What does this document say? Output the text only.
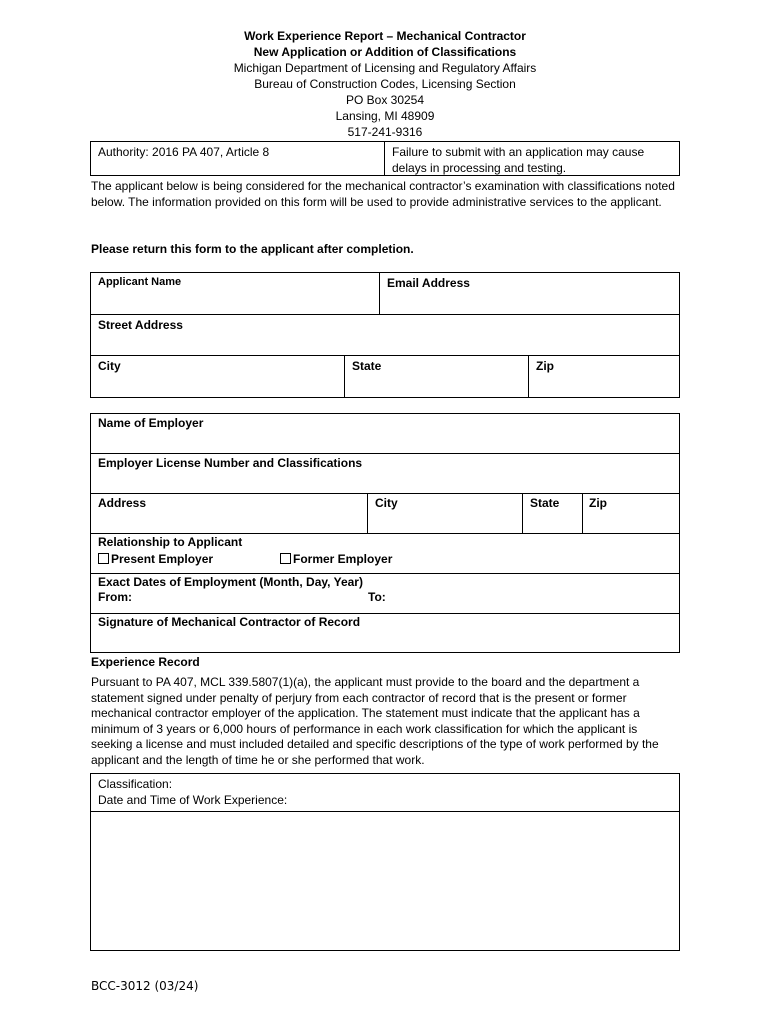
Work Experience Report – Mechanical Contractor
New Application or Addition of Classifications
Michigan Department of Licensing and Regulatory Affairs
Bureau of Construction Codes, Licensing Section
PO Box 30254
Lansing, MI 48909
517-241-9316
Authority: 2016 PA 407, Article 8	Failure to submit with an application may cause delays in processing and testing.
The applicant below is being considered for the mechanical contractor’s examination with classifications noted below. The information provided on this form will be used to provide administrative services to the applicant.
Please return this form to the applicant after completion.
Applicant Name	Email Address
Street Address
City	State	Zip
Name of Employer
Employer License Number and Classifications
Address	City	State Zip
Relationship to Applicant
Present Employer	Former Employer
Exact Dates of Employment (Month, Day, Year)
From:	To:
Signature of Mechanical Contractor of Record
Experience Record
Pursuant to PA 407, MCL 339.5807(1)(a), the applicant must provide to the board and the department a statement signed under penalty of perjury from each contractor of record that is the present or former mechanical contractor employer of the application. The statement must indicate that the applicant has a minimum of 3 years or 6,000 hours of performance in each work classification for which the applicant is seeking a license and must included detailed and specific descriptions of the type of work performed by the applicant and the length of time he or she performed that work.
Classification:
Date and Time of Work Experience:
BCC-3012 (03/24)
